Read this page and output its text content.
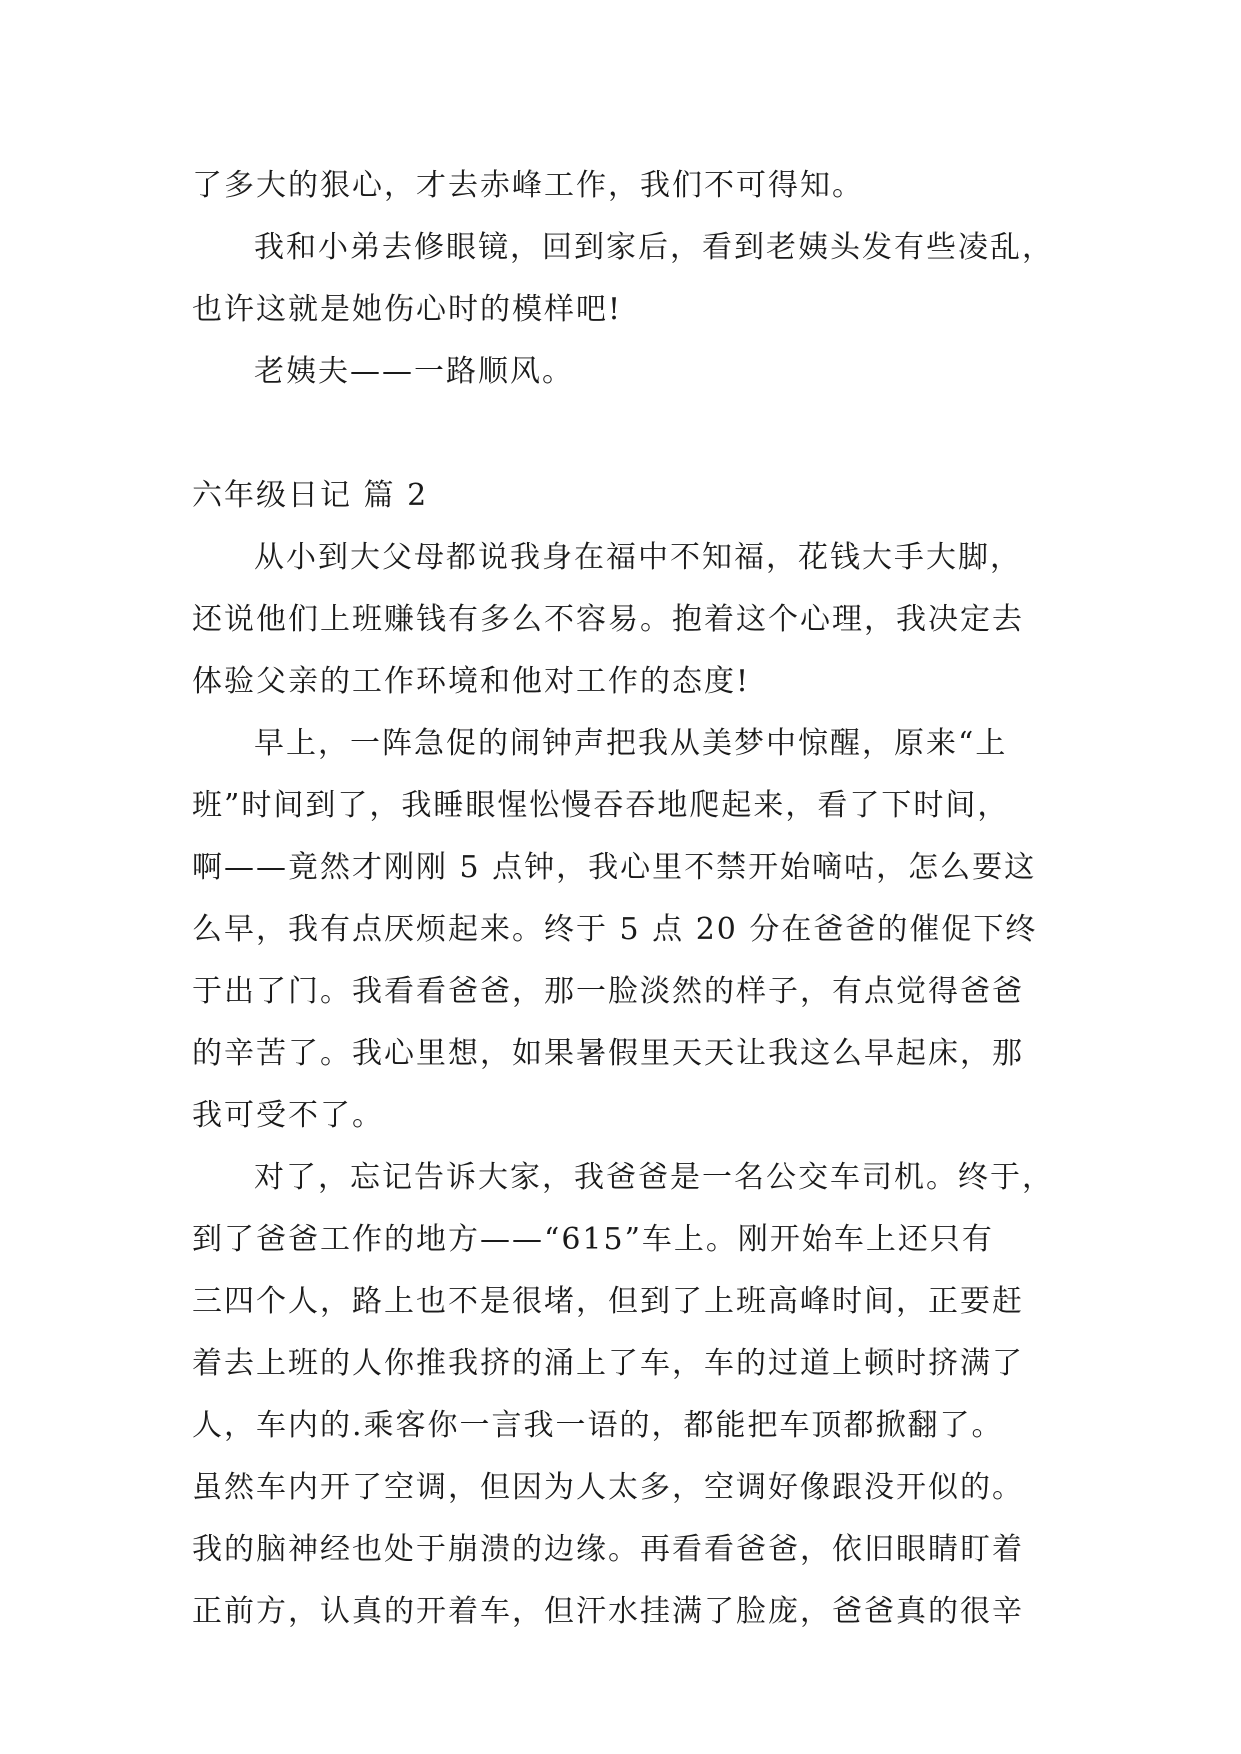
了多大的狠心，才去赤峰工作，我们不可得知。
我和小弟去修眼镜，回到家后，看到老姨头发有些凌乱，
也许这就是她伤心时的模样吧!
老姨夫——一路顺风。
六年级日记 篇 2
从小到大父母都说我身在福中不知福，花钱大手大脚，
还说他们上班赚钱有多么不容易。抱着这个心理，我决定去
体验父亲的工作环境和他对工作的态度!
早上，一阵急促的闹钟声把我从美梦中惊醒，原来“上
班”时间到了，我睡眼惺忪慢吞吞地爬起来，看了下时间，
啊——竟然才刚刚 5 点钟，我心里不禁开始嘀咕，怎么要这
么早，我有点厌烦起来。终于 5 点 20 分在爸爸的催促下终
于出了门。我看看爸爸，那一脸淡然的样子，有点觉得爸爸
的辛苦了。我心里想，如果暑假里天天让我这么早起床，那
我可受不了。
对了，忘记告诉大家，我爸爸是一名公交车司机。终于，
到了爸爸工作的地方——“615”车上。刚开始车上还只有
三四个人，路上也不是很堵，但到了上班高峰时间，正要赶
着去上班的人你推我挤的涌上了车，车的过道上顿时挤满了
人，车内的.乘客你一言我一语的，都能把车顶都掀翻了。
虽然车内开了空调，但因为人太多，空调好像跟没开似的。
我的脑神经也处于崩溃的边缘。再看看爸爸，依旧眼睛盯着
正前方，认真的开着车，但汗水挂满了脸庞，爸爸真的很辛
